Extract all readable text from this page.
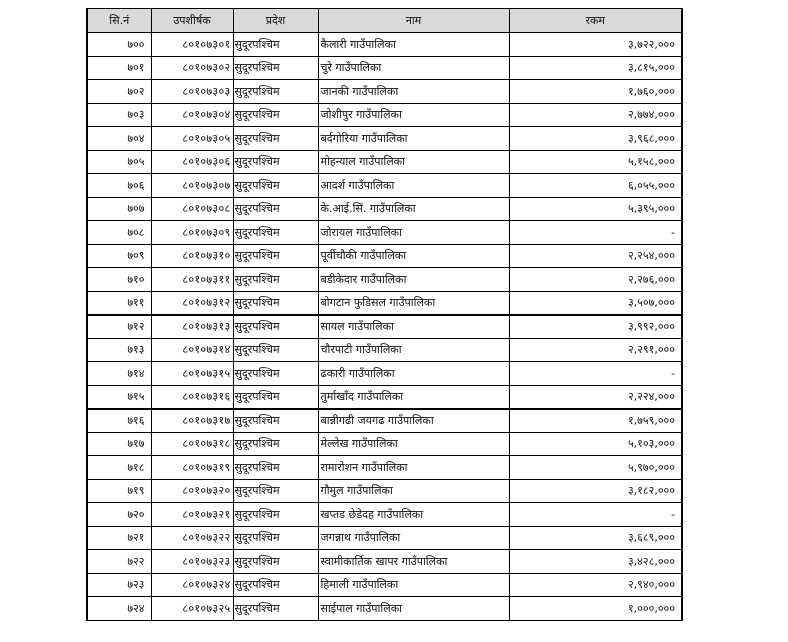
सि.नं	उपशीर्षक	प्रदेश	नाम	रकम
७००	८०१०७३०१	सुदूरपश्चिम	कैलारी गाउँपालिका	३,७२२,०००
७०१	८०१०७३०२	सुदूरपश्चिम	चुरे गाउँपालिका	३,८१५,०००
७०२	८०१०७३०३	सुदूरपश्चिम	जानकी गाउँपालिका	१,७६०,०००
७०३	८०१०७३०४	सुदूरपश्चिम	जोशीपुर गाउँपालिका	२,७७४,०००
७०४	८०१०७३०५	सुदूरपश्चिम	बर्दगोरिया गाउँपालिका	३,९६८,०००
७०५	८०१०७३०६	सुदूरपश्चिम	मोहन्याल गाउँपालिका	५,१५८,०००
७०६	८०१०७३०७	सुदूरपश्चिम	आदर्श गाउँपालिका	६,०५५,०००
७०७	८०१०७३०८	सुदूरपश्चिम	के.आई.सिं. गाउँपालिका	५,३९५,०००
७०८	८०१०७३०९	सुदूरपश्चिम	जोरायल गाउँपालिका	-
७०९	८०१०७३१०	सुदूरपश्चिम	पूर्वीचौकी गाउँपालिका	२,२५४,०००
७१०	८०१०७३११	सुदूरपश्चिम	बडीकेदार गाउँपालिका	२,२७६,०००
७११	८०१०७३१२	सुदूरपश्चिम	बोगटान फुडिसल गाउँपालिका	३,५०७,०००
७१२	८०१०७३१३	सुदूरपश्चिम	सायल गाउँपालिका	३,९९२,०००
७१३	८०१०७३१४	सुदूरपश्चिम	चौरपाटी गाउँपालिका	२,२९१,०००
७१४	८०१०७३१५	सुदूरपश्चिम	ढकारी गाउँपालिका	-
७१५	८०१०७३१६	सुदूरपश्चिम	तुर्माखाँद गाउँपालिका	२,२२४,०००
७१६	८०१०७३१७	सुदूरपश्चिम	बान्नीगढी जयगढ गाउँपालिका	१,७५९,०००
७१७	८०१०७३१८	सुदूरपश्चिम	मेल्लेख गाउँपालिका	५,१०३,०००
७१८	८०१०७३१९	सुदूरपश्चिम	रामारोशन गाउँपालिका	५,९७०,०००
७१९	८०१०७३२०	सुदूरपश्चिम	गौमुल गाउँपालिका	३,१८२,०००
७२०	८०१०७३२१	सुदूरपश्चिम	खप्तड छेडेदह गाउँपालिका	-
७२१	८०१०७३२२	सुदूरपश्चिम	जगन्नाथ गाउँपालिका	३,६८९,०००
७२२	८०१०७३२३	सुदूरपश्चिम	स्वामीकार्तिक खापर गाउँपालिका	३,४२८,०००
७२३	८०१०७३२४	सुदूरपश्चिम	हिमाली गाउँपालिका	२,९४०,०००
७२४	८०१०७३२५	सुदूरपश्चिम	साईपाल गाउँपालिका	१,०००,०००
